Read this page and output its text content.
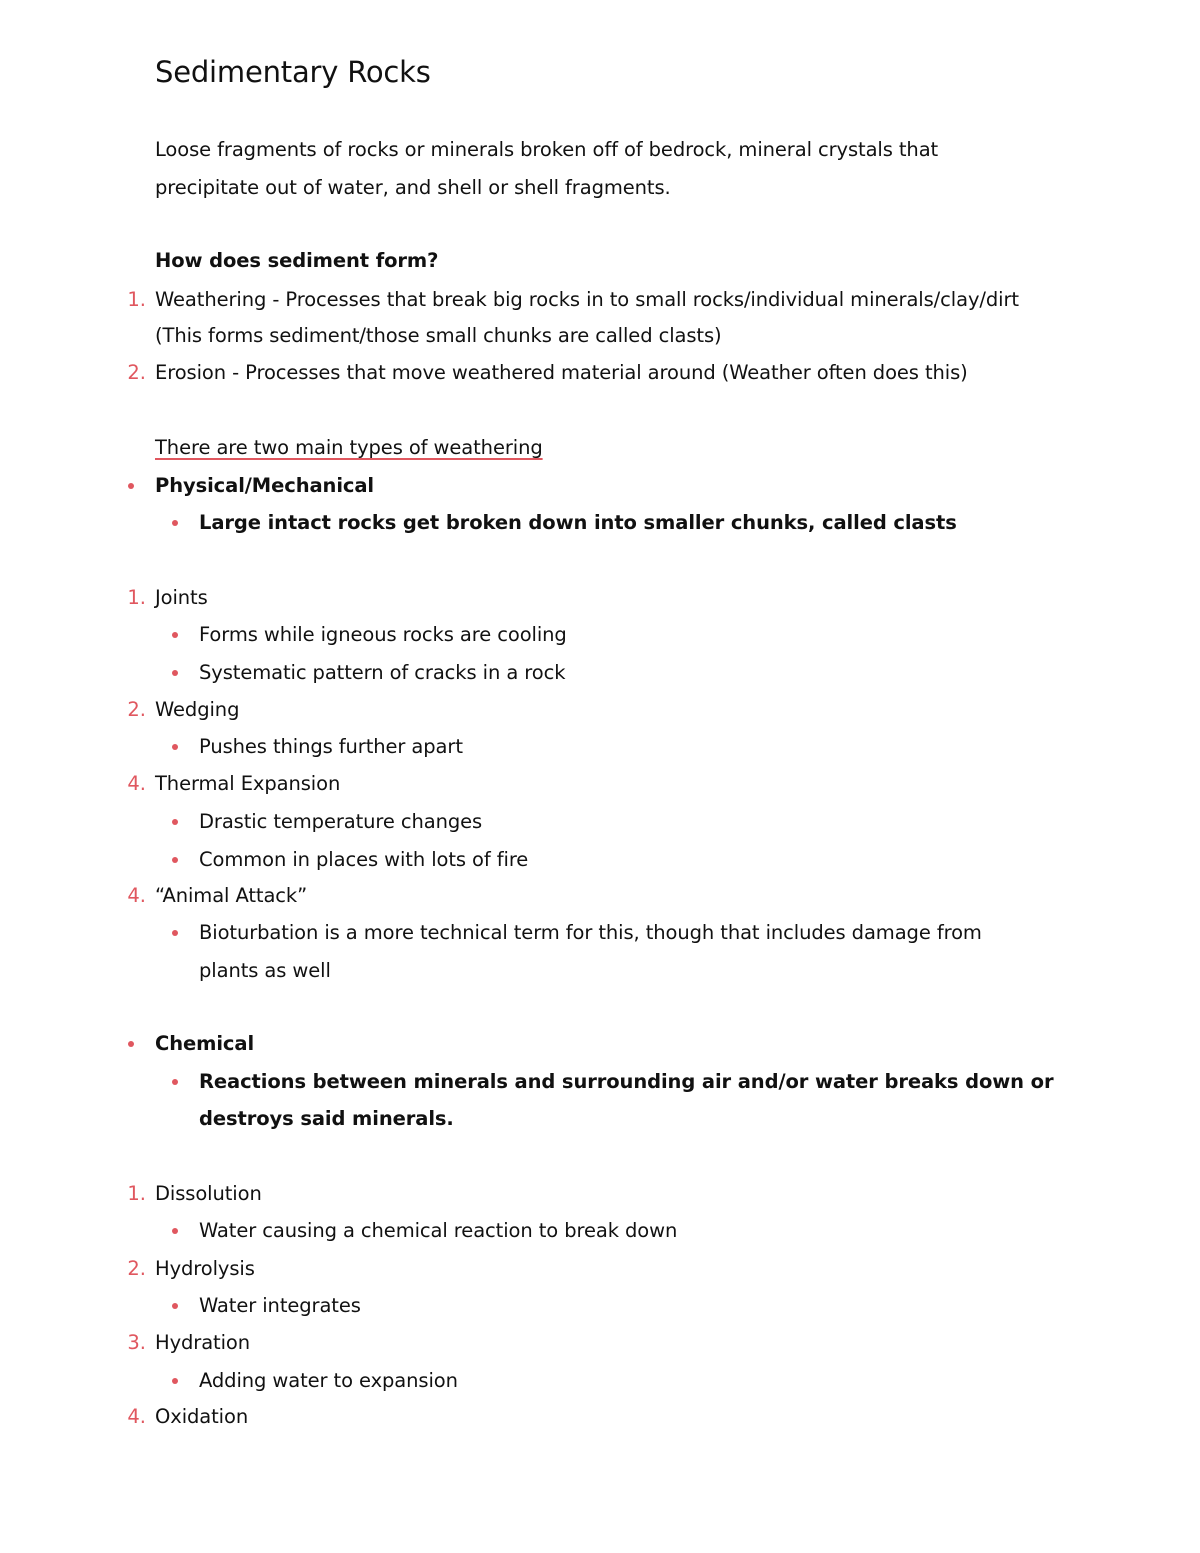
Sedimentary Rocks
Loose fragments of rocks or minerals broken off of bedrock, mineral crystals that
precipitate out of water, and shell or shell fragments.
How does sediment form?
1. Weathering - Processes that break big rocks in to small rocks/individual minerals/clay/dirt
(This forms sediment/those small chunks are called clasts)
2. Erosion - Processes that move weathered material around (Weather often does this)
There are two main types of weathering
Physical/Mechanical
Large intact rocks get broken down into smaller chunks, called clasts
1. Joints
Forms while igneous rocks are cooling
Systematic pattern of cracks in a rock
2. Wedging
Pushes things further apart
4. Thermal Expansion
Drastic temperature changes
Common in places with lots of fire
4. “Animal Attack”
Bioturbation is a more technical term for this, though that includes damage from
plants as well
Chemical
Reactions between minerals and surrounding air and/or water breaks down or
destroys said minerals.
1. Dissolution
Water causing a chemical reaction to break down
2. Hydrolysis
Water integrates
3. Hydration
Adding water to expansion
4. Oxidation
